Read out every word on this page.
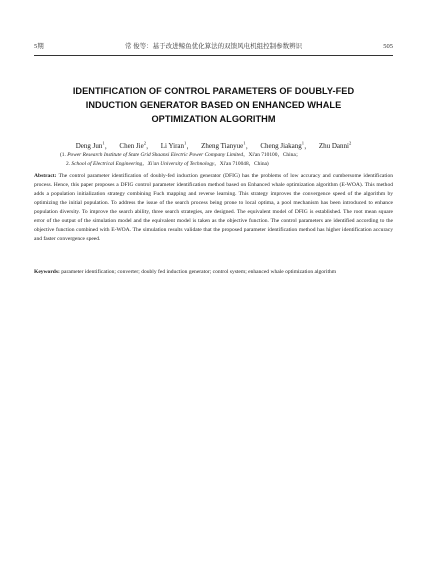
5期	常 俊等：基于改进鲸鱼优化算法的双馈风电机组控制参数辨识	505
IDENTIFICATION OF CONTROL PARAMETERS OF DOUBLY-FED
INDUCTION GENERATOR BASED ON ENHANCED WHALE
OPTIMIZATION ALGORITHM
Deng Jun$^1$， Chen Jie$^2$， Li Yiran$^1$， Zheng Tianyue$^1$， Cheng Jiakang$^1$， Zhu Danni$^2$
(1. Power Research Institute of State Grid Shaanxi Electric Power Company Limited，Xi'an 710100，China；
2. School of Electrical Engineering，Xi'an University of Technology，Xi'an 710048，China)

Abstract: The control parameter identification of doubly-fed induction generator (DFIG) has the problems of low accuracy and cumbersome identification process. Hence, this paper proposes a DFIG control parameter identification method based on Enhanced whale optimization algorithm (E-WOA). This method adds a population initialization strategy combining Fuch mapping and reverse learning. This strategy improves the convergence speed of the algorithm by optimizing the initial population. To address the issue of the search process being prone to local optima, a pool mechanism has been introduced to enhance population diversity. To improve the search ability, three search strategies, are designed. The equivalent model of DFIG is established. The root mean square error of the output of the simulation model and the equivalent model is taken as the objective function. The control parameters are identified according to the objective function combined with E-WOA. The simulation results validate that the proposed parameter identification method has higher identification accuracy and faster convergence speed.

Keywords: parameter identification; converter; doubly fed induction generator; control system; enhanced whale optimization algorithm
